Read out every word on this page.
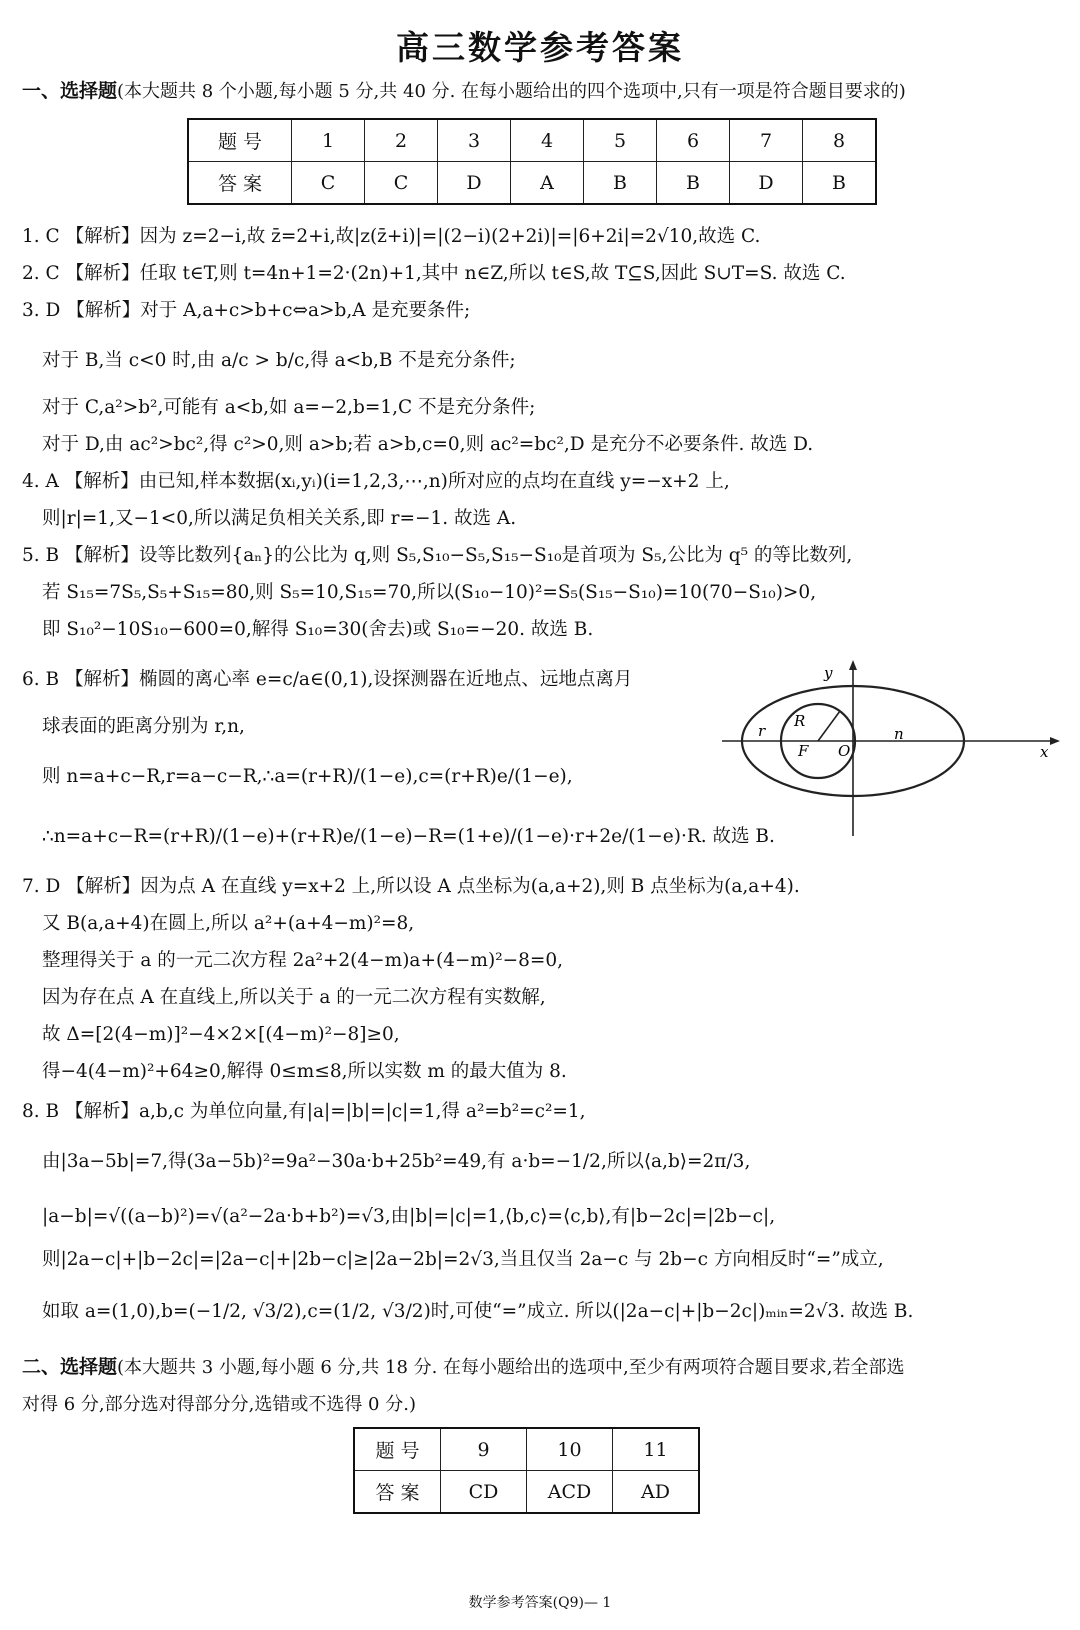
高三数学参考答案
一、选择题(本大题共 8 个小题,每小题 5 分,共 40 分. 在每小题给出的四个选项中,只有一项是符合题目要求的)
题 号	1	2	3	4	5	6	7	8
答 案	C	C	D	A	B	B	D	B
1. C 【解析】因为 z=2−i,故 z̄=2+i,故|z(z̄+i)|=|(2−i)(2+2i)|=|6+2i|=2√10,故选 C.
2. C 【解析】任取 t∈T,则 t=4n+1=2·(2n)+1,其中 n∈Z,所以 t∈S,故 T⊆S,因此 S∪T=S. 故选 C.
3. D 【解析】对于 A,a+c>b+c⇔a>b,A 是充要条件;
对于 B,当 c<0 时,由 a/c > b/c,得 a<b,B 不是充分条件;
对于 C,a²>b²,可能有 a<b,如 a=−2,b=1,C 不是充分条件;
对于 D,由 ac²>bc²,得 c²>0,则 a>b;若 a>b,c=0,则 ac²=bc²,D 是充分不必要条件. 故选 D.
4. A 【解析】由已知,样本数据(xᵢ,yᵢ)(i=1,2,3,⋯,n)所对应的点均在直线 y=−x+2 上,
则|r|=1,又−1<0,所以满足负相关关系,即 r=−1. 故选 A.
5. B 【解析】设等比数列{aₙ}的公比为 q,则 S₅,S₁₀−S₅,S₁₅−S₁₀是首项为 S₅,公比为 q⁵ 的等比数列,
若 S₁₅=7S₅,S₅+S₁₅=80,则 S₅=10,S₁₅=70,所以(S₁₀−10)²=S₅(S₁₅−S₁₀)=10(70−S₁₀)>0,
即 S₁₀²−10S₁₀−600=0,解得 S₁₀=30(舍去)或 S₁₀=−20. 故选 B.
6. B 【解析】椭圆的离心率 e=c/a∈(0,1),设探测器在近地点、远地点离月
球表面的距离分别为 r,n,
则 n=a+c−R,r=a−c−R,∴a=(r+R)/(1−e),c=(r+R)e/(1−e),
∴n=a+c−R=(r+R)/(1−e)+(r+R)e/(1−e)−R=(1+e)/(1−e)·r+2e/(1−e)·R. 故选 B.
7. D 【解析】因为点 A 在直线 y=x+2 上,所以设 A 点坐标为(a,a+2),则 B 点坐标为(a,a+4).
又 B(a,a+4)在圆上,所以 a²+(a+4−m)²=8,
整理得关于 a 的一元二次方程 2a²+2(4−m)a+(4−m)²−8=0,
因为存在点 A 在直线上,所以关于 a 的一元二次方程有实数解,
故 Δ=[2(4−m)]²−4×2×[(4−m)²−8]≥0,
得−4(4−m)²+64≥0,解得 0≤m≤8,所以实数 m 的最大值为 8.
8. B 【解析】a,b,c 为单位向量,有|a|=|b|=|c|=1,得 a²=b²=c²=1,
由|3a−5b|=7,得(3a−5b)²=9a²−30a·b+25b²=49,有 a·b=−1/2,所以⟨a,b⟩=2π/3,
|a−b|=√((a−b)²)=√(a²−2a·b+b²)=√3,由|b|=|c|=1,⟨b,c⟩=⟨c,b⟩,有|b−2c|=|2b−c|,
则|2a−c|+|b−2c|=|2a−c|+|2b−c|≥|2a−2b|=2√3,当且仅当 2a−c 与 2b−c 方向相反时“=”成立,
如取 a=(1,0),b=(−1/2, √3/2),c=(1/2, √3/2)时,可使“=”成立. 所以(|2a−c|+|b−2c|)ₘᵢₙ=2√3. 故选 B.
y
x
O
r
R
F
n
二、选择题(本大题共 3 小题,每小题 6 分,共 18 分. 在每小题给出的选项中,至少有两项符合题目要求,若全部选
对得 6 分,部分选对得部分分,选错或不选得 0 分.)
题 号	9	10	11
答 案	CD	ACD	AD
数学参考答案(Q9)— 1
